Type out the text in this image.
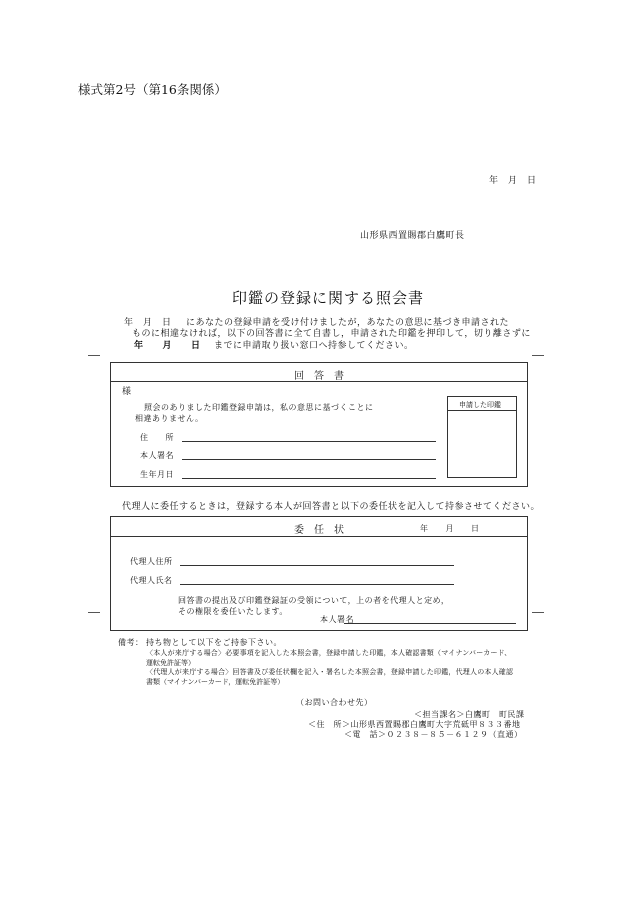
様式第2号（第16条関係）
年　月　日
山形県西置賜郡白鷹町長
印鑑の登録に関する照会書
年　月　日 にあなたの登録申請を受け付けましたが，あなたの意思に基づき申請された
ものに相違なければ，以下の回答書に全て自書し，申請された印鑑を押印して，切り離さずに
年　　月　　日 までに申請取り扱い窓口へ持参してください。
回　答　書
様
照会のありました印鑑登録申請は，私の意思に基づくことに
相違ありません。
住　　所
本人署名
生年月日
申請した印鑑
代理人に委任するときは，登録する本人が回答書と以下の委任状を記入して持参させてください。
委　任　状	年　　月　　日
代理人住所
代理人氏名
回答書の提出及び印鑑登録証の受領について，上の者を代理人と定め，
その権限を委任いたします。
本人署名
備考： 持ち物として以下をご持参下さい。
〈本人が来庁する場合〉必要事項を記入した本照会書，登録申請した印鑑，本人確認書類（マイナンバーカード、
運転免許証等）
〈代理人が来庁する場合〉回答書及び委任状欄を記入・署名した本照会書，登録申請した印鑑，代理人の本人確認
書類（マイナンバーカード，運転免許証等）
（お問い合わせ先）
＜担当課名＞白鷹町　町民課
＜住　所＞山形県西置賜郡白鷹町大字荒砥甲８３３番地
＜電　話＞０２３８－８５－６１２９（直通）
